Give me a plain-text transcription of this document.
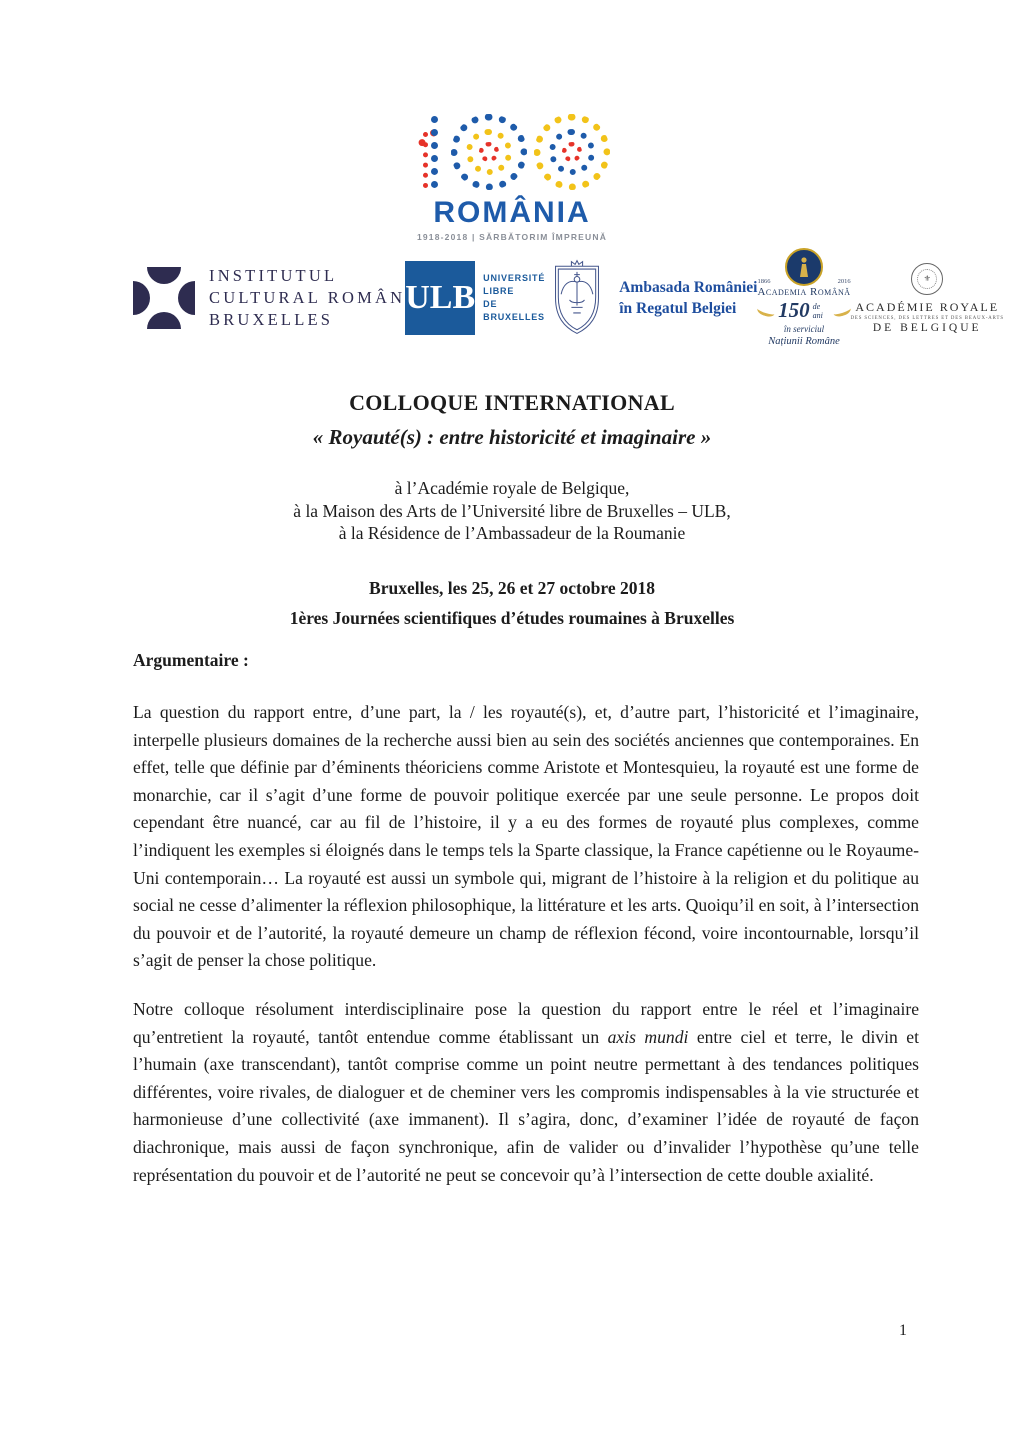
ROMÂNIA
1918-2018 | SĂRBĂTORIM ÎMPREUNĂ
INSTITUTUL
CULTURAL ROMÂN
BRUXELLES
ULB
UNIVERSITÉ
LIBRE
DE BRUXELLES
Ambasada României
în Regatul Belgiei
1866	2016
Academia Română
150 de ani
în serviciul
Națiunii Române
⚜
ACADÉMIE ROYALE
DES SCIENCES, DES LETTRES ET DES BEAUX-ARTS
DE BELGIQUE
COLLOQUE INTERNATIONAL
« Royauté(s) : entre historicité et imaginaire »
à l’Académie royale de Belgique,
à la Maison des Arts de l’Université libre de Bruxelles – ULB,
à la Résidence de l’Ambassadeur de la Roumanie
Bruxelles, les 25, 26 et 27 octobre 2018
1ères Journées scientifiques d’études roumaines à Bruxelles
Argumentaire :

La question du rapport entre, d’une part, la / les royauté(s), et, d’autre part, l’historicité et l’imaginaire, interpelle plusieurs domaines de la recherche aussi bien au sein des sociétés anciennes que contemporaines. En effet, telle que définie par d’éminents théoriciens comme Aristote et Montesquieu, la royauté est une forme de monarchie, car il s’agit d’une forme de pouvoir politique exercée par une seule personne. Le propos doit cependant être nuancé, car au fil de l’histoire, il y a eu des formes de royauté plus complexes, comme l’indiquent les exemples si éloignés dans le temps tels la Sparte classique, la France capétienne ou le Royaume-Uni contemporain… La royauté est aussi un symbole qui, migrant de l’histoire à la religion et du politique au social ne cesse d’alimenter la réflexion philosophique, la littérature et les arts. Quoiqu’il en soit, à l’intersection du pouvoir et de l’autorité, la royauté demeure un champ de réflexion fécond, voire incontournable, lorsqu’il s’agit de penser la chose politique.

Notre colloque résolument interdisciplinaire pose la question du rapport entre le réel et l’imaginaire qu’entretient la royauté, tantôt entendue comme établissant un axis mundi entre ciel et terre, le divin et l’humain (axe transcendant), tantôt comprise comme un point neutre permettant à des tendances politiques différentes, voire rivales, de dialoguer et de cheminer vers les compromis indispensables à la vie structurée et harmonieuse d’une collectivité (axe immanent). Il s’agira, donc, d’examiner l’idée de royauté de façon diachronique, mais aussi de façon synchronique, afin de valider ou d’invalider l’hypothèse qu’une telle représentation du pouvoir et de l’autorité ne peut se concevoir qu’à l’intersection de cette double axialité.

1
